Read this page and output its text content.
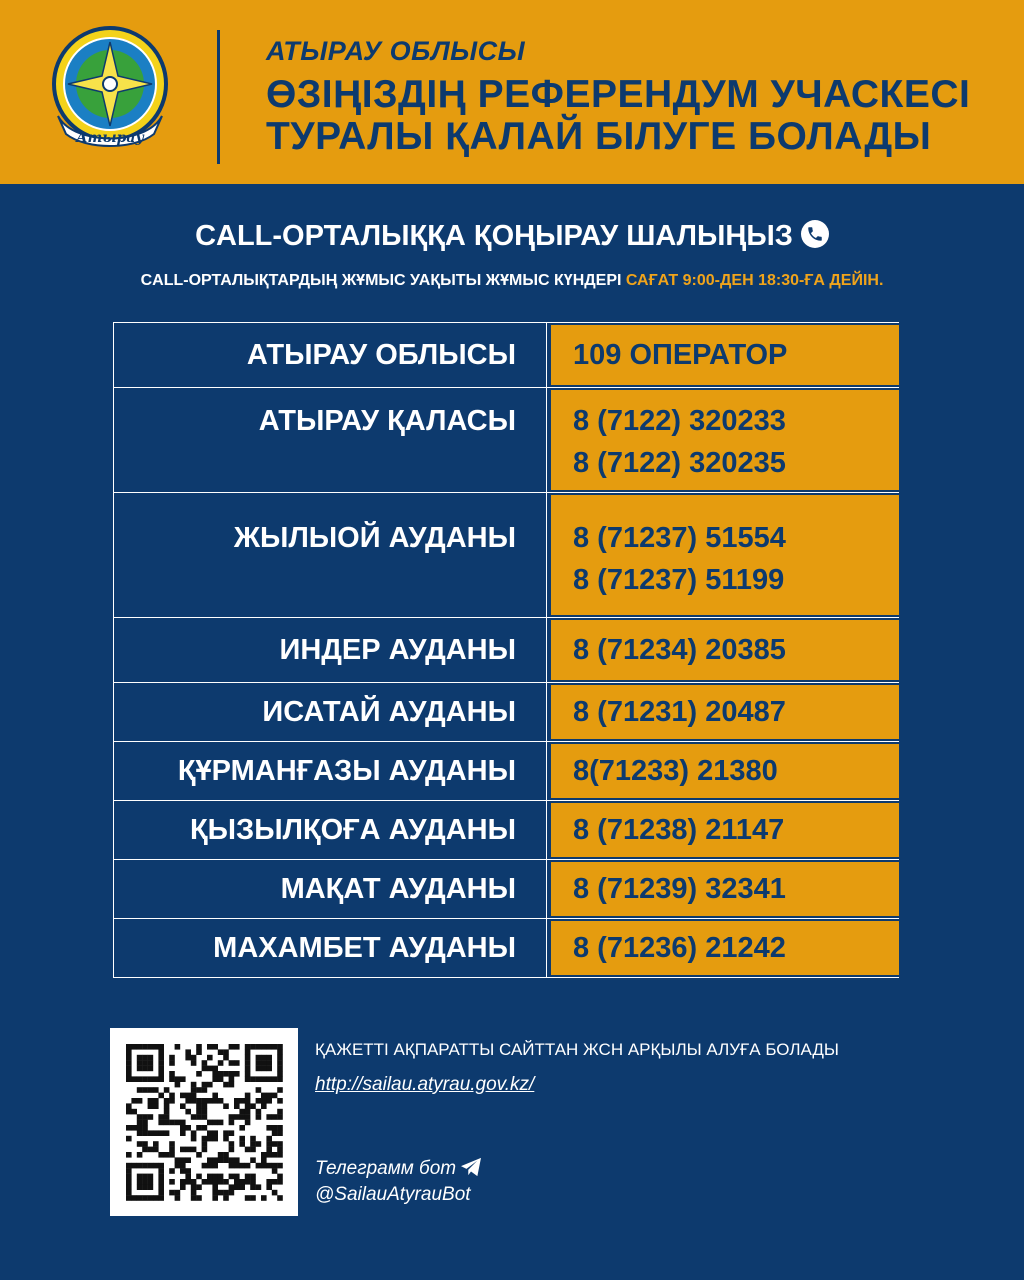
Атырау
АТЫРАУ ОБЛЫСЫ
ӨЗІҢІЗДІҢ РЕФЕРЕНДУМ УЧАСКЕСІ
ТУРАЛЫ ҚАЛАЙ БІЛУГЕ БОЛАДЫ
CALL-ОРТАЛЫҚҚА ҚОҢЫРАУ ШАЛЫҢЫЗ
CALL-ОРТАЛЫҚТАРДЫҢ ЖҰМЫС УАҚЫТЫ ЖҰМЫС КҮНДЕРІ САҒАТ 9:00-ДЕН 18:30-ҒА ДЕЙІН.
АТЫРАУ ОБЛЫСЫ	109 ОПЕРАТОР
АТЫРАУ ҚАЛАСЫ	8 (7122) 320233
8 (7122) 320235
ЖЫЛЫОЙ АУДАНЫ	8 (71237) 51554
8 (71237) 51199
ИНДЕР АУДАНЫ	8 (71234) 20385
ИСАТАЙ АУДАНЫ	8 (71231) 20487
ҚҰРМАНҒАЗЫ АУДАНЫ	8(71233) 21380
ҚЫЗЫЛҚОҒА АУДАНЫ	8 (71238) 21147
МАҚАТ АУДАНЫ	8 (71239) 32341
МАХАМБЕТ АУДАНЫ	8 (71236) 21242
ҚАЖЕТТІ АҚПАРАТТЫ САЙТТАН ЖСН АРҚЫЛЫ АЛУҒА БОЛАДЫ
http://sailau.atyrau.gov.kz/
Телеграмм бот
@SailauAtyrauBot
